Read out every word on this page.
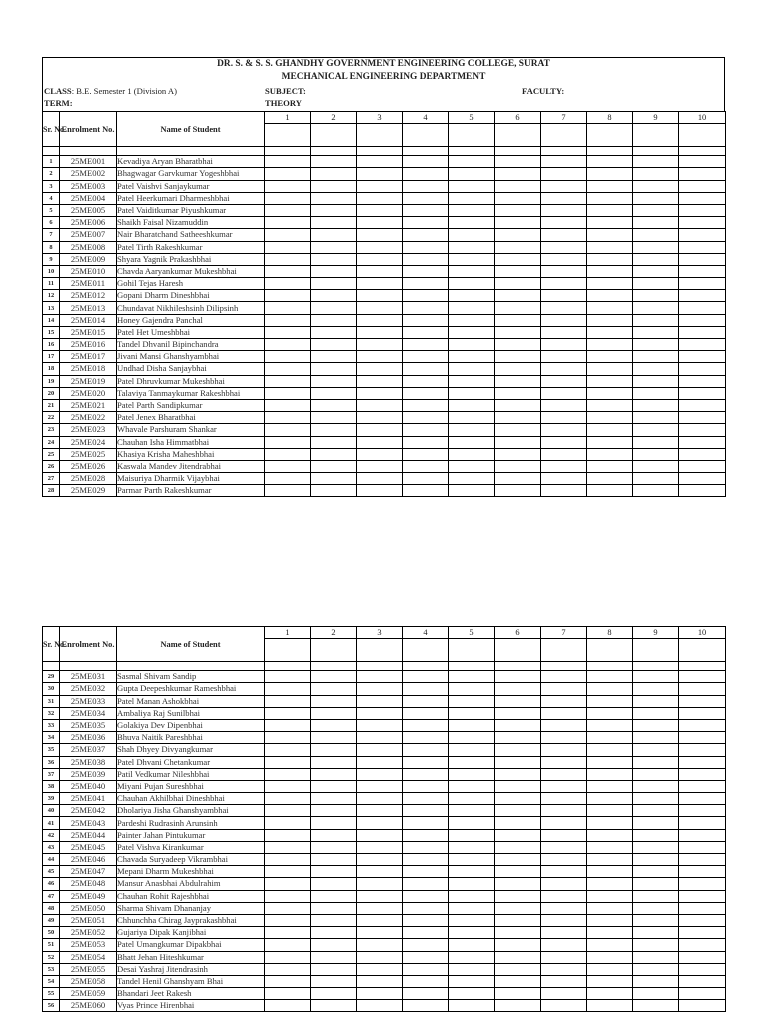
DR. S. & S. S. GHANDHY GOVERNMENT ENGINEERING COLLEGE, SURAT
MECHANICAL ENGINEERING DEPARTMENT
CLASS: B.E. Semester 1 (Division A)	SUBJECT:	FACULTY:
TERM:	THEORY
Sr. No.	Enrolment No.	Name of Student	1	2	3	4	5	6	7	8	9	10

1	25ME001	Kevadiya Aryan Bharatbhai										
2	25ME002	Bhagwagar Garvkumar Yogeshbhai										
3	25ME003	Patel Vaishvi Sanjaykumar										
4	25ME004	Patel Heerkumari Dharmeshbhai										
5	25ME005	Patel Vaiditkumar Piyushkumar										
6	25ME006	Shaikh Faisal Nizamuddin										
7	25ME007	Nair Bharatchand Satheeshkumar										
8	25ME008	Patel Tirth Rakeshkumar										
9	25ME009	Shyara Yagnik Prakashbhai										
10	25ME010	Chavda Aaryankumar Mukeshbhai										
11	25ME011	Gohil Tejas Haresh										
12	25ME012	Gopani Dharm Dineshbhai										
13	25ME013	Chundavat Nikhileshsinh Dilipsinh										
14	25ME014	Honey Gajendra Panchal										
15	25ME015	Patel Het Umeshbhai										
16	25ME016	Tandel Dhvanil Bipinchandra										
17	25ME017	Jivani Mansi Ghanshyambhai										
18	25ME018	Undhad Disha Sanjaybhai										
19	25ME019	Patel Dhruvkumar Mukeshbhai										
20	25ME020	Talaviya Tanmaykumar Rakeshbhai										
21	25ME021	Patel Parth Sandipkumar										
22	25ME022	Patel Jenex Bharatbhai										
23	25ME023	Whavale Parshuram Shankar										
24	25ME024	Chauhan Isha Himmatbhai										
25	25ME025	Khasiya Krisha Maheshbhai										
26	25ME026	Kaswala Mandev Jitendrabhai										
27	25ME028	Maisuriya Dharmik Vijaybhai										
28	25ME029	Parmar Parth Rakeshkumar										
Sr. No.	Enrolment No.	Name of Student	1	2	3	4	5	6	7	8	9	10

29	25ME031	Sasmal Shivam Sandip										
30	25ME032	Gupta Deepeshkumar Rameshbhai										
31	25ME033	Patel Manan Ashokbhai										
32	25ME034	Ambaliya Raj Sunilbhai										
33	25ME035	Golakiya Dev Dipenbhai										
34	25ME036	Bhuva Naitik Pareshbhai										
35	25ME037	Shah Dhyey Divyangkumar										
36	25ME038	Patel Dhvani Chetankumar										
37	25ME039	Patil Vedkumar Nileshbhai										
38	25ME040	Miyani Pujan Sureshbhai										
39	25ME041	Chauhan Akhilbhai Dineshbhai										
40	25ME042	Dholariya Jisha Ghanshyambhai										
41	25ME043	Pardeshi Rudrasinh Arunsinh										
42	25ME044	Painter Jahan Pintukumar										
43	25ME045	Patel Vishva Kirankumar										
44	25ME046	Chavada Suryadeep Vikrambhai										
45	25ME047	Mepani Dharm Mukeshbhai										
46	25ME048	Mansur Anasbhai Abdulrahim										
47	25ME049	Chauhan Rohit Rajeshbhai										
48	25ME050	Sharma Shivam Dhananjay										
49	25ME051	Chhunchha Chirag Jayprakashbhai										
50	25ME052	Gujariya Dipak Kanjibhai										
51	25ME053	Patel Umangkumar Dipakbhai										
52	25ME054	Bhatt Jehan Hiteshkumar										
53	25ME055	Desai Yashraj Jitendrasinh										
54	25ME058	Tandel Henil Ghanshyam Bhai										
55	25ME059	Bhandari Jeet Rakesh										
56	25ME060	Vyas Prince Hirenbhai										
